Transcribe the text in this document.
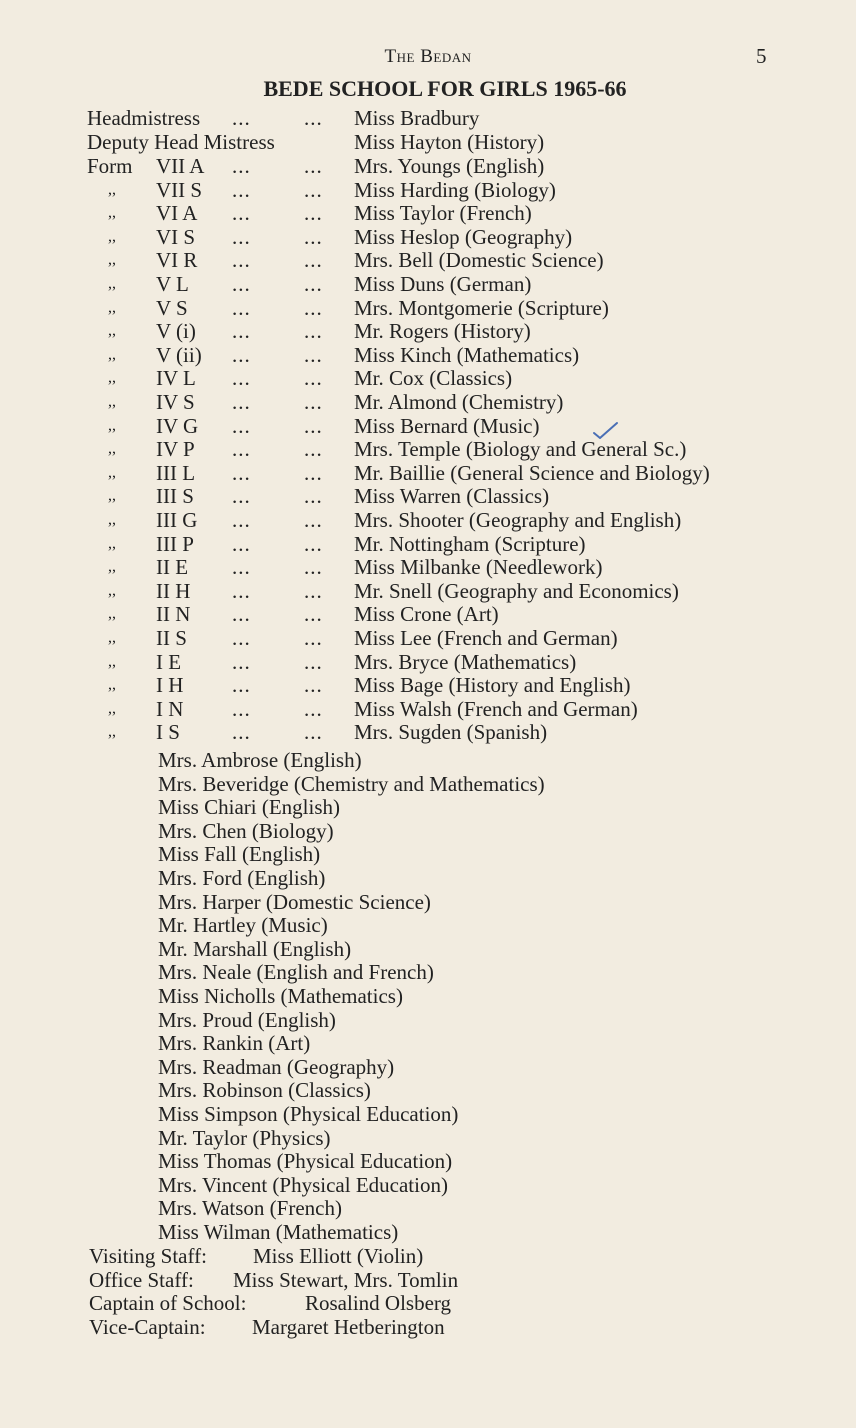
The Bedan	5
BEDE SCHOOL FOR GIRLS 1965-66
Headmistress ...	... Miss Bradbury
Deputy Head Mistress	Miss Hayton (History)
Form VII A ...	... Mrs. Youngs (English)
,, VII S ...	... Miss Harding (Biology)
,, VI A ...	... Miss Taylor (French)
,, VI S ...	... Miss Heslop (Geography)
,, VI R ...	... Mrs. Bell (Domestic Science)
,, V L ...	... Miss Duns (German)
,, V S ...	... Mrs. Montgomerie (Scripture)
,, V (i) ...	... Mr. Rogers (History)
,, V (ii) ...	... Miss Kinch (Mathematics)
,, IV L ...	... Mr. Cox (Classics)
,, IV S ...	... Mr. Almond (Chemistry)
,, IV G ...	... Miss Bernard (Music)
,, IV P ...	... Mrs. Temple (Biology and General Sc.)
,, III L ...	... Mr. Baillie (General Science and Biology)
,, III S ...	... Miss Warren (Classics)
,, III G ...	... Mrs. Shooter (Geography and English)
,, III P ...	... Mr. Nottingham (Scripture)
,, II E ...	... Miss Milbanke (Needlework)
,, II H ...	... Mr. Snell (Geography and Economics)
,, II N ...	... Miss Crone (Art)
,, II S ...	... Miss Lee (French and German)
,, I E ...	... Mrs. Bryce (Mathematics)
,, I H ...	... Miss Bage (History and English)
,, I N ...	... Miss Walsh (French and German)
,, I S ...	... Mrs. Sugden (Spanish)
Mrs. Ambrose (English)
Mrs. Beveridge (Chemistry and Mathematics)
Miss Chiari (English)
Mrs. Chen (Biology)
Miss Fall (English)
Mrs. Ford (English)
Mrs. Harper (Domestic Science)
Mr. Hartley (Music)
Mr. Marshall (English)
Mrs. Neale (English and French)
Miss Nicholls (Mathematics)
Mrs. Proud (English)
Mrs. Rankin (Art)
Mrs. Readman (Geography)
Mrs. Robinson (Classics)
Miss Simpson (Physical Education)
Mr. Taylor (Physics)
Miss Thomas (Physical Education)
Mrs. Vincent (Physical Education)
Mrs. Watson (French)
Miss Wilman (Mathematics)
Visiting Staff: Miss Elliott (Violin)
Office Staff: Miss Stewart, Mrs. Tomlin
Captain of School:	Rosalind Olsberg
Vice-Captain: Margaret Hetberington
